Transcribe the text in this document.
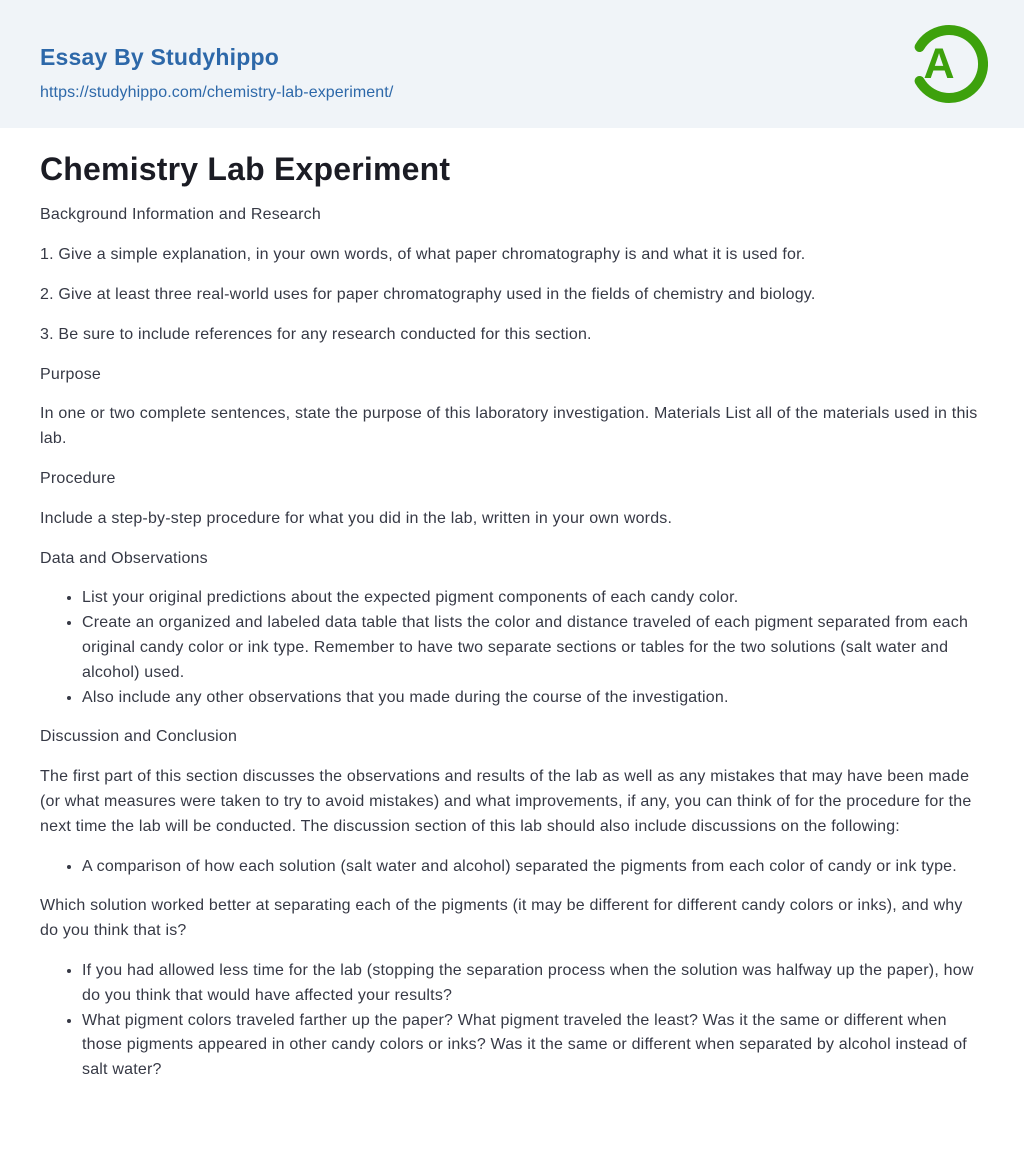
Essay By Studyhippo
https://studyhippo.com/chemistry-lab-experiment/
A
Chemistry Lab Experiment

Background Information and Research

1. Give a simple explanation, in your own words, of what paper chromatography is and what it is used for.

2. Give at least three real-world uses for paper chromatography used in the fields of chemistry and biology.

3. Be sure to include references for any research conducted for this section.

Purpose

In one or two complete sentences, state the purpose of this laboratory investigation. Materials List all of the materials used in this lab.

Procedure

Include a step-by-step procedure for what you did in the lab, written in your own words.

Data and Observations

• List your original predictions about the expected pigment components of each candy color.
• Create an organized and labeled data table that lists the color and distance traveled of each pigment separated from each original candy color or ink type. Remember to have two separate sections or tables for the two solutions (salt water and alcohol) used.
• Also include any other observations that you made during the course of the investigation.

Discussion and Conclusion

The first part of this section discusses the observations and results of the lab as well as any mistakes that may have been made (or what measures were taken to try to avoid mistakes) and what improvements, if any, you can think of for the procedure for the next time the lab will be conducted. The discussion section of this lab should also include discussions on the following:

• A comparison of how each solution (salt water and alcohol) separated the pigments from each color of candy or ink type.

Which solution worked better at separating each of the pigments (it may be different for different candy colors or inks), and why do you think that is?

• If you had allowed less time for the lab (stopping the separation process when the solution was halfway up the paper), how do you think that would have affected your results?
• What pigment colors traveled farther up the paper? What pigment traveled the least? Was it the same or different when those pigments appeared in other candy colors or inks? Was it the same or different when separated by alcohol instead of salt water?
